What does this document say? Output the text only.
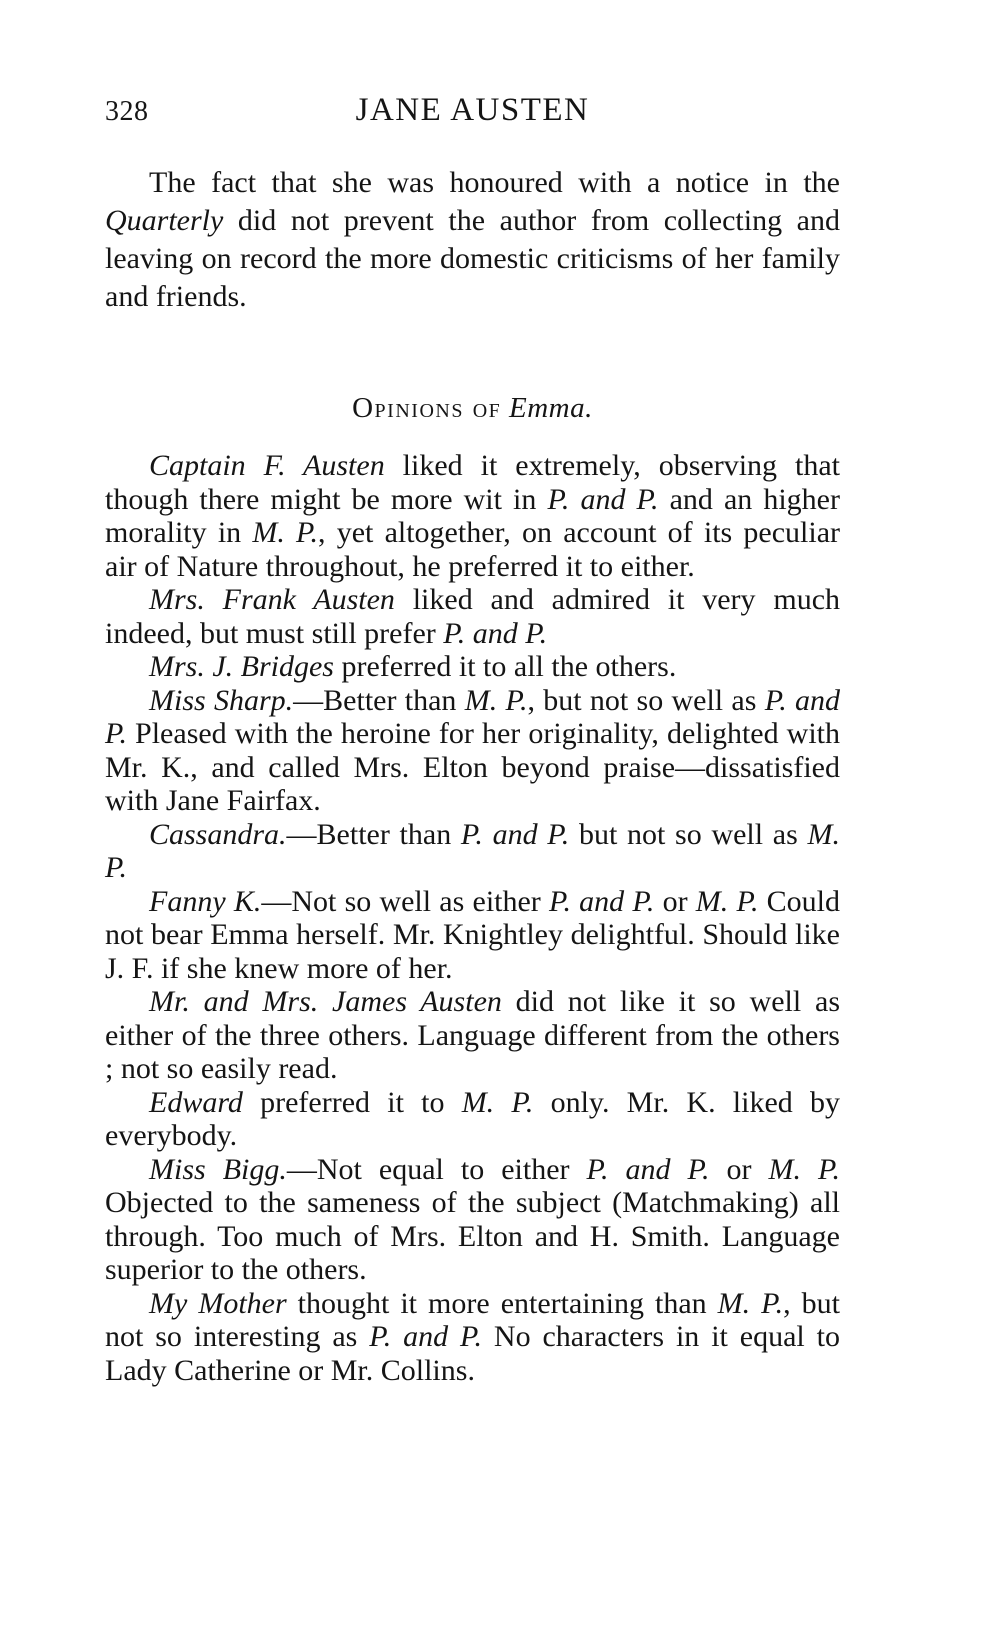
328	JANE AUSTEN

The fact that she was honoured with a notice in the Quarterly did not prevent the author from collecting and leaving on record the more domestic criticisms of her family and friends.

Opinions of Emma.

Captain F. Austen liked it extremely, observing that though there might be more wit in P. and P. and an higher morality in M. P., yet altogether, on account of its peculiar air of Nature throughout, he preferred it to either.

Mrs. Frank Austen liked and admired it very much indeed, but must still prefer P. and P.

Mrs. J. Bridges preferred it to all the others.

Miss Sharp.—Better than M. P., but not so well as P. and P. Pleased with the heroine for her originality, delighted with Mr. K., and called Mrs. Elton beyond praise—dissatisfied with Jane Fairfax.

Cassandra.—Better than P. and P. but not so well as M. P.

Fanny K.—Not so well as either P. and P. or M. P. Could not bear Emma herself. Mr. Knightley delightful. Should like J. F. if she knew more of her.

Mr. and Mrs. James Austen did not like it so well as either of the three others. Language different from the others ; not so easily read.

Edward preferred it to M. P. only. Mr. K. liked by everybody.

Miss Bigg.—Not equal to either P. and P. or M. P. Objected to the sameness of the subject (Matchmaking) all through. Too much of Mrs. Elton and H. Smith. Language superior to the others.

My Mother thought it more entertaining than M. P., but not so interesting as P. and P. No characters in it equal to Lady Catherine or Mr. Collins.
